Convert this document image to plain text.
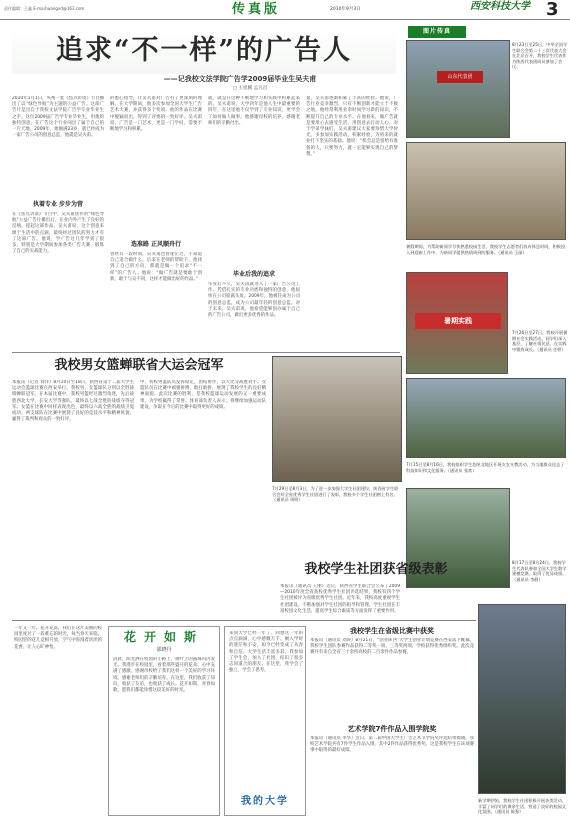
责任编辑：王鑫 E-mail:wangxd@163.com	传真版	2010年9月3日	西安科技大学 3
追求“不一样”的广告人
——记我校文法学院广告学2009届毕业生吴夫甫
□ 王旭鹏 孟凡昌
2010年1月1日，央视一套《焦点访谈》节目播出了以“绿色导航”为主题的公益广告。这部广告片是出自于我校文法学院广告学专业毕业生之手。这位2009届广告学专业毕业生，用他的独特创意，在广告这个行业闯出了属于自己的一片天地。2009年，他刚满23岁，就已经成为一家广告公司的创意总监，他就是吴夫甫。
执着专业 步步为营
在《焦点访谈》节目中，吴夫甫创作的“绿色导航”公益广告片播出后，在业内外产生了良好的反响。提起这部作品，吴夫甫说，这个创意来源于生活中的点滴，最终经过团队的努力才有了这部广告。他说，学广告这几年学到了很多，特别是大学期间参加各类广告大赛，锻炼了自己的实战能力。
的悉心指导，让吴夫甫对广告有了更深刻的理解。在大学期间，他多次参加全国大学生广告艺术大赛，并获得多个奖项。他的作品在比赛中脱颖而出，得到了评委的一致好评。吴夫甫说，广告是一门艺术，更是一门学问，需要不断地学习和积累。
选准路 正风顺舟行
曾经有一段时间，吴夫甫也曾迷茫过，不知道自己适合做什么。后来在老师的帮助下，他找到了自己的方向，那就是做一个追求“不一样”的广告人。他说：“做广告就是要敢于创新，敢于与众不同，这样才能做出好的作品。”
就，就是在这种不断地学习和实践中积累起来的。吴夫甫说，大学四年是他人生中最重要的四年，在这里他不仅学到了专业知识，更学会了如何做人做事。他感谢母校的培养，感谢老师们的辛勤付出。
毕业后我的追求
毕业后不久，吴夫甫就进入了一家广告公司工作。凭借扎实的专业功底和独特的创意，他很快在公司崭露头角。2009年，他被任命为公司的创意总监，成为公司最年轻的创意总监。对于未来，吴夫甫说，他希望能够创办属于自己的广告公司，做出更多优秀的作品。
量，吴夫甫逐渐积累了丰富的经验。他说，广告行业竞争激烈，只有不断创新才能立于不败之地。他经常利用业余时间学习新的知识，不断提升自己的专业水平。在他看来，做广告就是要用心去感受生活，用创意去打动人心。对于学弟学妹们，吴夫甫建议大家要珍惜大学时光，多参加实践活动，积累经验，为将来的就业打下坚实的基础。他说：“机会总是留给有准备的人，只要努力，就一定能够实现自己的梦想。”
图片传真
山东代表团
8月23日至25日，中华全国学生联合会第二十三次代表大会在北京召开，我校学生代表作为陕西代表团成员参加了会议。
暑假期间，为帮助新同学尽快熟悉校园生活，我校学生志愿者们放弃休息时间，积极投入到迎新工作中，为新同学提供热情周到的服务。（通讯员 王丽）
暑期实践
7月26日至27日，我校开展暑期社会实践活动，同学们深入基层，了解社情民意，在实践中锻炼成长。（通讯员 任婷）
7月15日至8月16日，我校组织学生赴陕北地区开展支农支教活动，为当地群众送去了科技知识和文化服务。（通讯员 张欢）
8月17日至8月24日，我校学生代表队参加全国大学生数学建模竞赛，取得了优异成绩。（通讯员 李静）
新学期伊始，我校学生社团积极开展各类活动，丰富了同学们的课余生活，营造了良好的校园文化氛围。（通讯员 陈强）
我校男女篮蝉联省大运会冠军
本报讯（记者 刘洋）8月10日至18日，陕西省第十二届大学生运动会篮球比赛在西安举行。我校男、女篮球队分别以全胜战绩蝉联冠军。在本届比赛中，我校男篮经过激烈角逐，先后战胜西北大学、长安大学等强队，最终以七战全胜的战绩夺得冠军。女篮在比赛中同样表现出色，最终以六战全胜的战绩卫冕成功。两支球队在比赛中展现了良好的竞技水平和精神风貌，赢得了裁判和观众的一致好评。
中，我校男篮队员发挥稳定，团结协作，以大比分战胜对手。女篮队员在比赛中顽强拼搏，敢打敢拼，展现了我校学生的良好精神面貌。此次比赛的胜利，是我校篮球运动发展的又一重要成果，为学校赢得了荣誉。体育部负责人表示，将继续加强运动队建设，争取在今后的比赛中取得更好的成绩。
7月29日至8月3日，为了进一步加强大学生社团建设，陕西省学生联合会对全省优秀学生社团进行了表彰，我校多个学生社团榜上有名。（通讯员 周明）
我校学生社团获省级表彰
本报讯（通讯员 王丽）近日，陕西省学生联合会公布了2009—2010年度全省高校优秀学生社团评选结果，我校有四个学生社团被评为省级优秀学生社团。近年来，我校高度重视学生社团建设，不断加强对学生社团的指导和管理，学生社团在丰富校园文化生活、提高学生综合素质等方面发挥了重要作用。
一年又一年，花开花落，我们在这片美丽的校园里度过了一段难忘的时光。每当春天来临，校园里的花儿竞相开放，空气中弥漫着淡淡的花香，让人心旷神怡。
花开如斯
邵晓丹
清晨，阳光洒在校园的小路上，树叶上的露珠闪闪发光。我漫步在校园里，看着那些盛开的花朵，心中充满了感激。感谢母校给了我们这样一个美好的学习环境，感谢老师们的辛勤培育。在这里，我们收获了知识，收获了友谊，也收获了成长。花开如斯，青春如歌，愿我们都能珍惜这段美好的时光。
我的大学
来到大学已经一年了，回想这一年的点点滴滴，心中感慨万千。刚入学时的迷茫和不安，如今已经变成了从容和自信。大学生活丰富多彩，我参加了学生会，加入了社团，结识了很多志同道合的朋友。在这里，我学会了独立，学会了思考。
我校学生在省级比赛中获奖
本报讯（通讯员 刘涛）8月21日，“创业陕西”大学生创业计划竞赛在西安落下帷幕。我校学生团队参赛作品获得二等奖一项、三等奖两项，学校获得优秀组织奖。此次竞赛共有来自全省三十余所高校的二百余件作品参赛。
艺术学院7件作品入围学院奖
本报讯（通讯员 李华）近日，第二届中国大学生广告艺术节学院奖评选结果揭晓，我校艺术学院共有7件学生作品入围，其中2件作品获得优秀奖。这是我校学生在该项赛事中取得的最好成绩。
